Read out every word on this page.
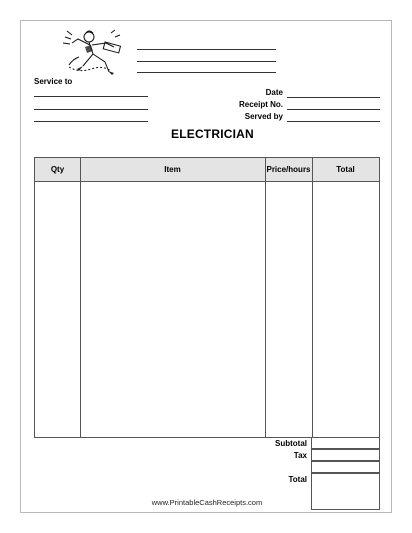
Service to
Date
Receipt No.
Served by
ELECTRICIAN
Qty	Item	Price/hours	Total
Subtotal
Tax
Total
www.PrintableCashReceipts.com
